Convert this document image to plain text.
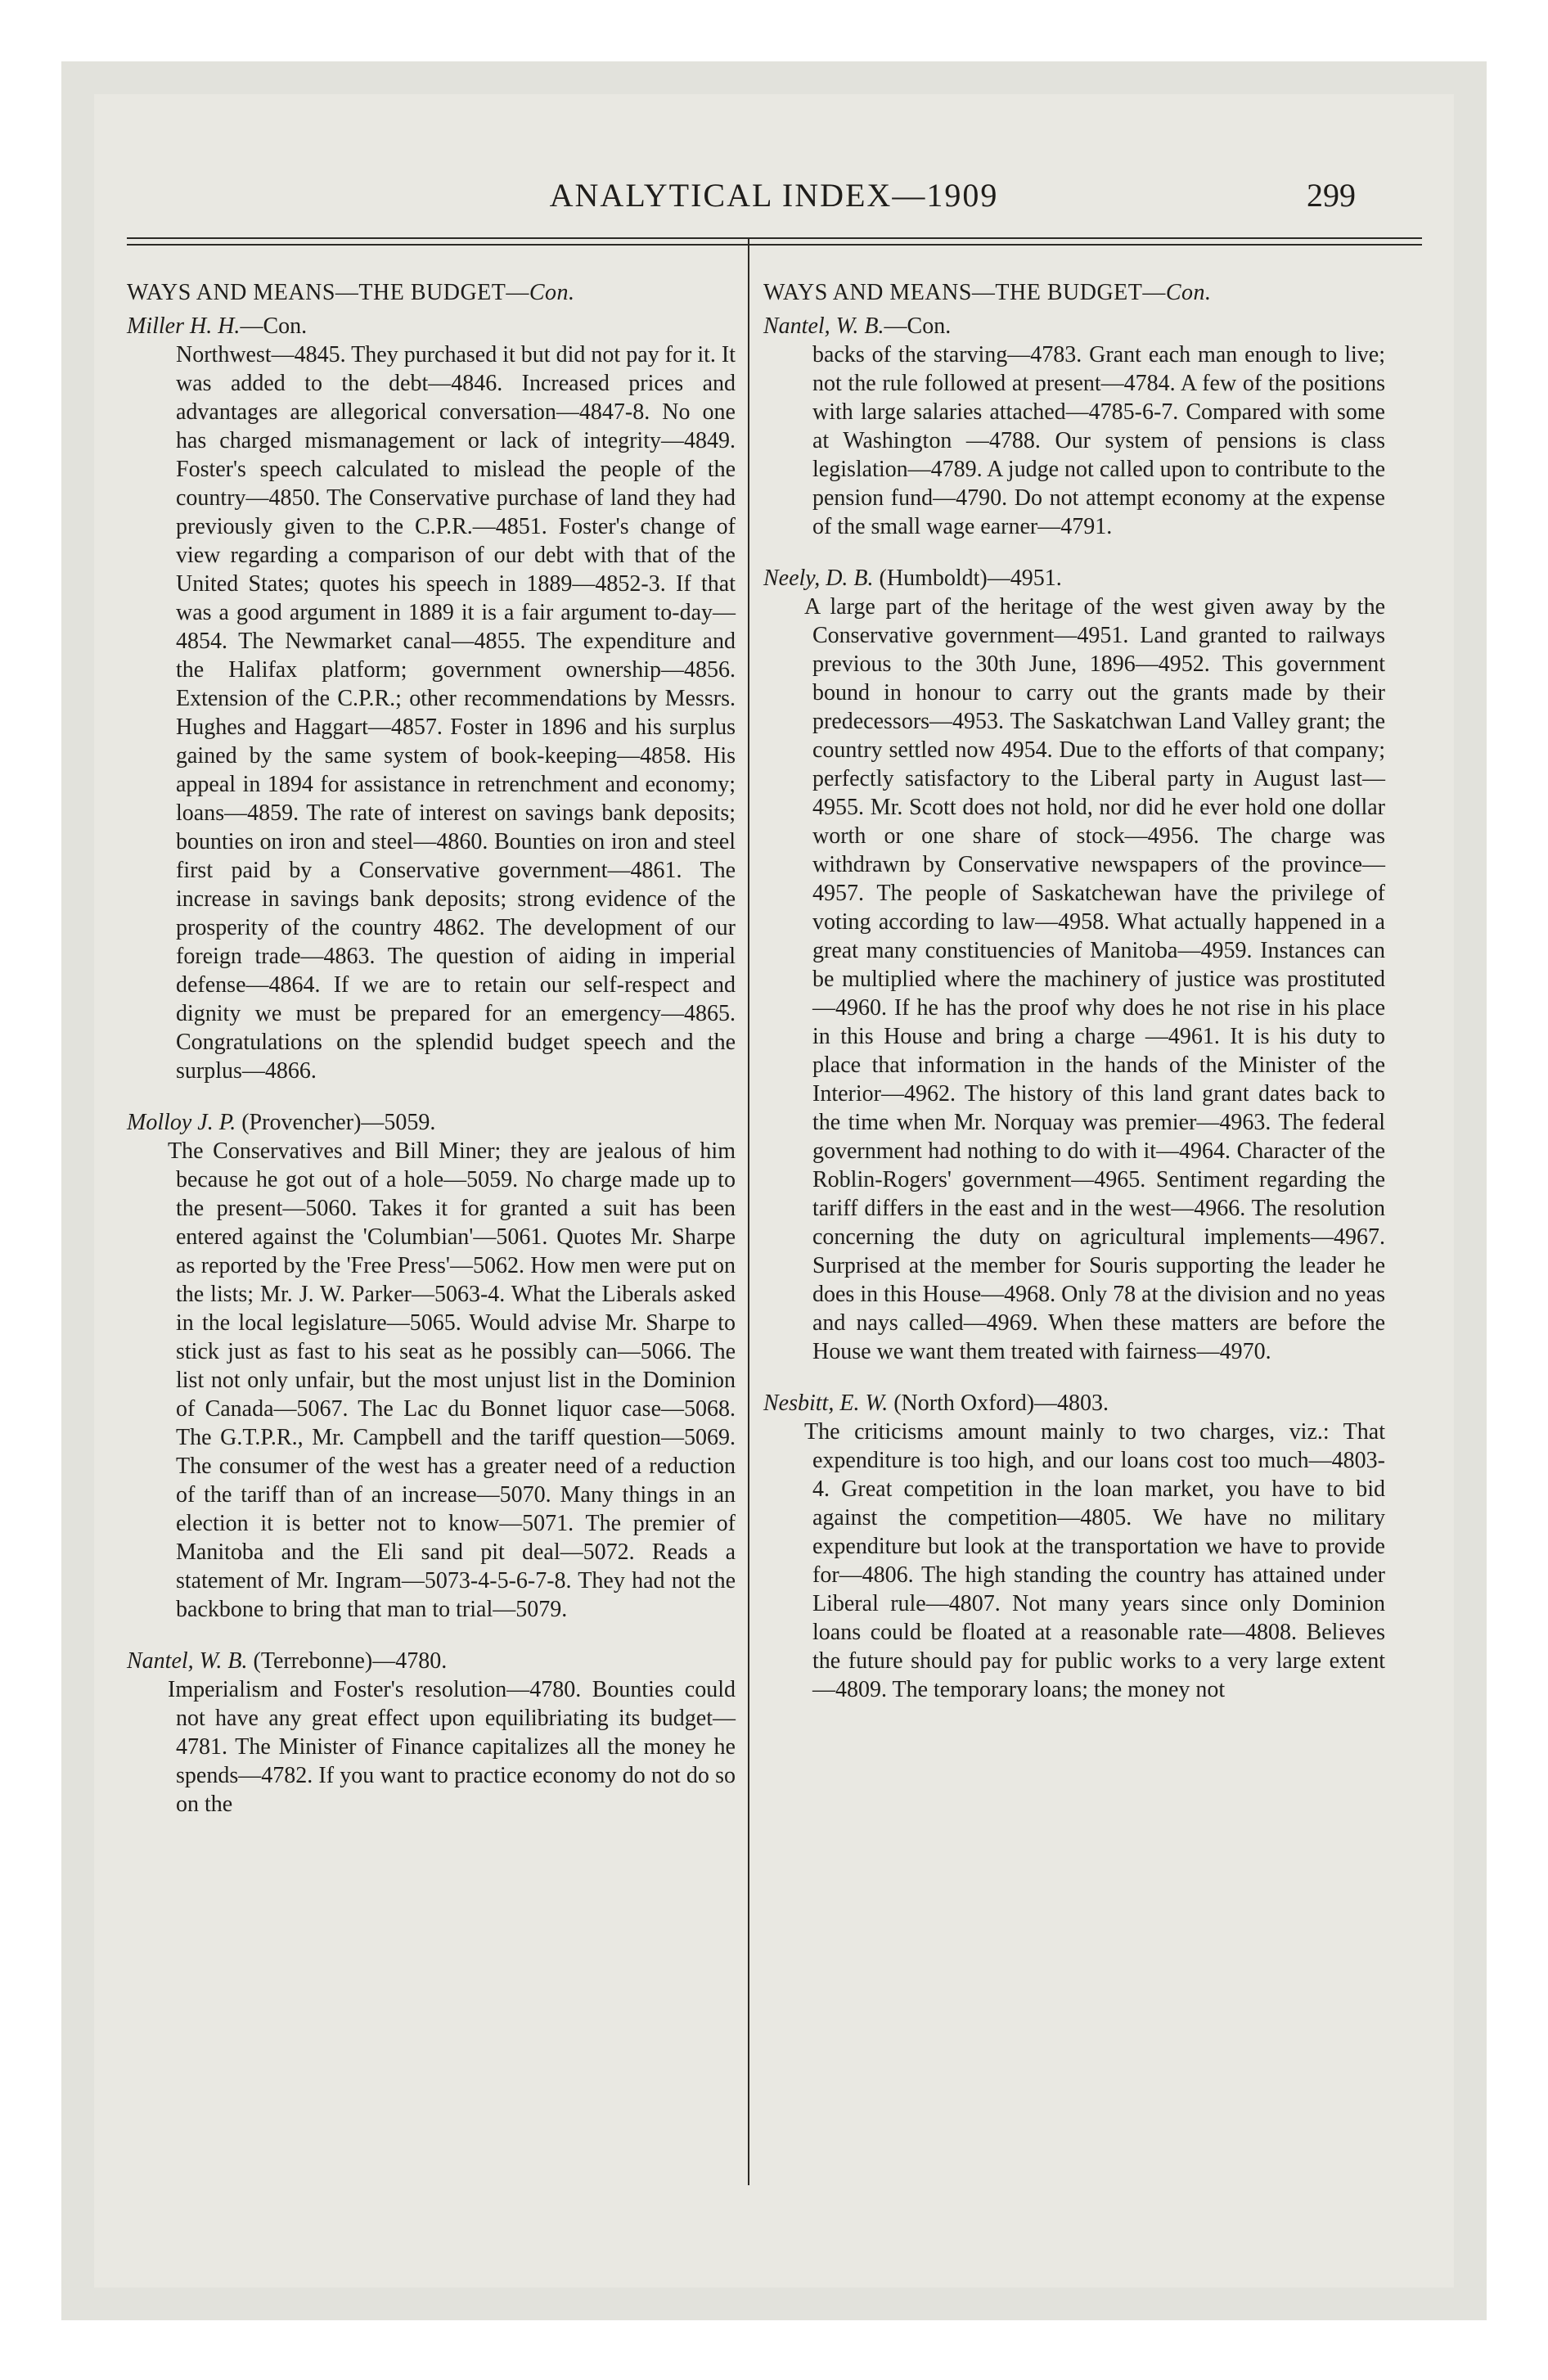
ANALYTICAL INDEX—1909	299
WAYS AND MEANS—THE BUDGET—Con.

Miller H. H.—Con.

Northwest—4845. They purchased it but did not pay for it. It was added to the debt—4846. Increased prices and advantages are allegorical conversation—4847-8. No one has charged mismanagement or lack of integrity—4849. Foster's speech calculated to mislead the people of the country—4850. The Conservative purchase of land they had previously given to the C.P.R.—4851. Foster's change of view regarding a comparison of our debt with that of the United States; quotes his speech in 1889—4852-3. If that was a good argument in 1889 it is a fair argument to-day—4854. The Newmarket canal—4855. The expenditure and the Halifax platform; government ownership—4856. Extension of the C.P.R.; other recommendations by Messrs. Hughes and Haggart—4857. Foster in 1896 and his surplus gained by the same system of book-keeping—4858. His appeal in 1894 for assistance in retrenchment and economy; loans—4859. The rate of interest on savings bank deposits; bounties on iron and steel—4860. Bounties on iron and steel first paid by a Conservative government—4861. The increase in savings bank deposits; strong evidence of the prosperity of the country 4862. The development of our foreign trade—4863. The question of aiding in imperial defense—4864. If we are to retain our self-respect and dignity we must be prepared for an emergency—4865. Congratulations on the splendid budget speech and the surplus—4866.

Molloy J. P. (Provencher)—5059.

The Conservatives and Bill Miner; they are jealous of him because he got out of a hole—5059. No charge made up to the present—5060. Takes it for granted a suit has been entered against the 'Columbian'—5061. Quotes Mr. Sharpe as reported by the 'Free Press'—5062. How men were put on the lists; Mr. J. W. Parker—5063-4. What the Liberals asked in the local legislature—5065. Would advise Mr. Sharpe to stick just as fast to his seat as he possibly can—5066. The list not only unfair, but the most unjust list in the Dominion of Canada—5067. The Lac du Bonnet liquor case—5068. The G.T.P.R., Mr. Campbell and the tariff question—5069. The consumer of the west has a greater need of a reduction of the tariff than of an increase—5070. Many things in an election it is better not to know—5071. The premier of Manitoba and the Eli sand pit deal—5072. Reads a statement of Mr. Ingram—5073-4-5-6-7-8. They had not the backbone to bring that man to trial—5079.

Nantel, W. B. (Terrebonne)—4780.

Imperialism and Foster's resolution—4780. Bounties could not have any great effect upon equilibriating its budget—4781. The Minister of Finance capitalizes all the money he spends—4782. If you want to practice economy do not do so on the

WAYS AND MEANS—THE BUDGET—Con.

Nantel, W. B.—Con.

backs of the starving—4783. Grant each man enough to live; not the rule followed at present—4784. A few of the positions with large salaries attached—4785-6-7. Compared with some at Washington —4788. Our system of pensions is class legislation—4789. A judge not called upon to contribute to the pension fund—4790. Do not attempt economy at the expense of the small wage earner—4791.

Neely, D. B. (Humboldt)—4951.

A large part of the heritage of the west given away by the Conservative government—4951. Land granted to railways previous to the 30th June, 1896—4952. This government bound in honour to carry out the grants made by their predecessors—4953. The Saskatchwan Land Valley grant; the country settled now 4954. Due to the efforts of that company; perfectly satisfactory to the Liberal party in August last—4955. Mr. Scott does not hold, nor did he ever hold one dollar worth or one share of stock—4956. The charge was withdrawn by Conservative newspapers of the province—4957. The people of Saskatchewan have the privilege of voting according to law—4958. What actually happened in a great many constituencies of Manitoba—4959. Instances can be multiplied where the machinery of justice was prostituted—4960. If he has the proof why does he not rise in his place in this House and bring a charge —4961. It is his duty to place that information in the hands of the Minister of the Interior—4962. The history of this land grant dates back to the time when Mr. Norquay was premier—4963. The federal government had nothing to do with it—4964. Character of the Roblin-Rogers' government—4965. Sentiment regarding the tariff differs in the east and in the west—4966. The resolution concerning the duty on agricultural implements—4967. Surprised at the member for Souris supporting the leader he does in this House—4968. Only 78 at the division and no yeas and nays called—4969. When these matters are before the House we want them treated with fairness—4970.

Nesbitt, E. W. (North Oxford)—4803.

The criticisms amount mainly to two charges, viz.: That expenditure is too high, and our loans cost too much—4803-4. Great competition in the loan market, you have to bid against the competition—4805. We have no military expenditure but look at the transportation we have to provide for—4806. The high standing the country has attained under Liberal rule—4807. Not many years since only Dominion loans could be floated at a reasonable rate—4808. Believes the future should pay for public works to a very large extent—4809. The temporary loans; the money not
